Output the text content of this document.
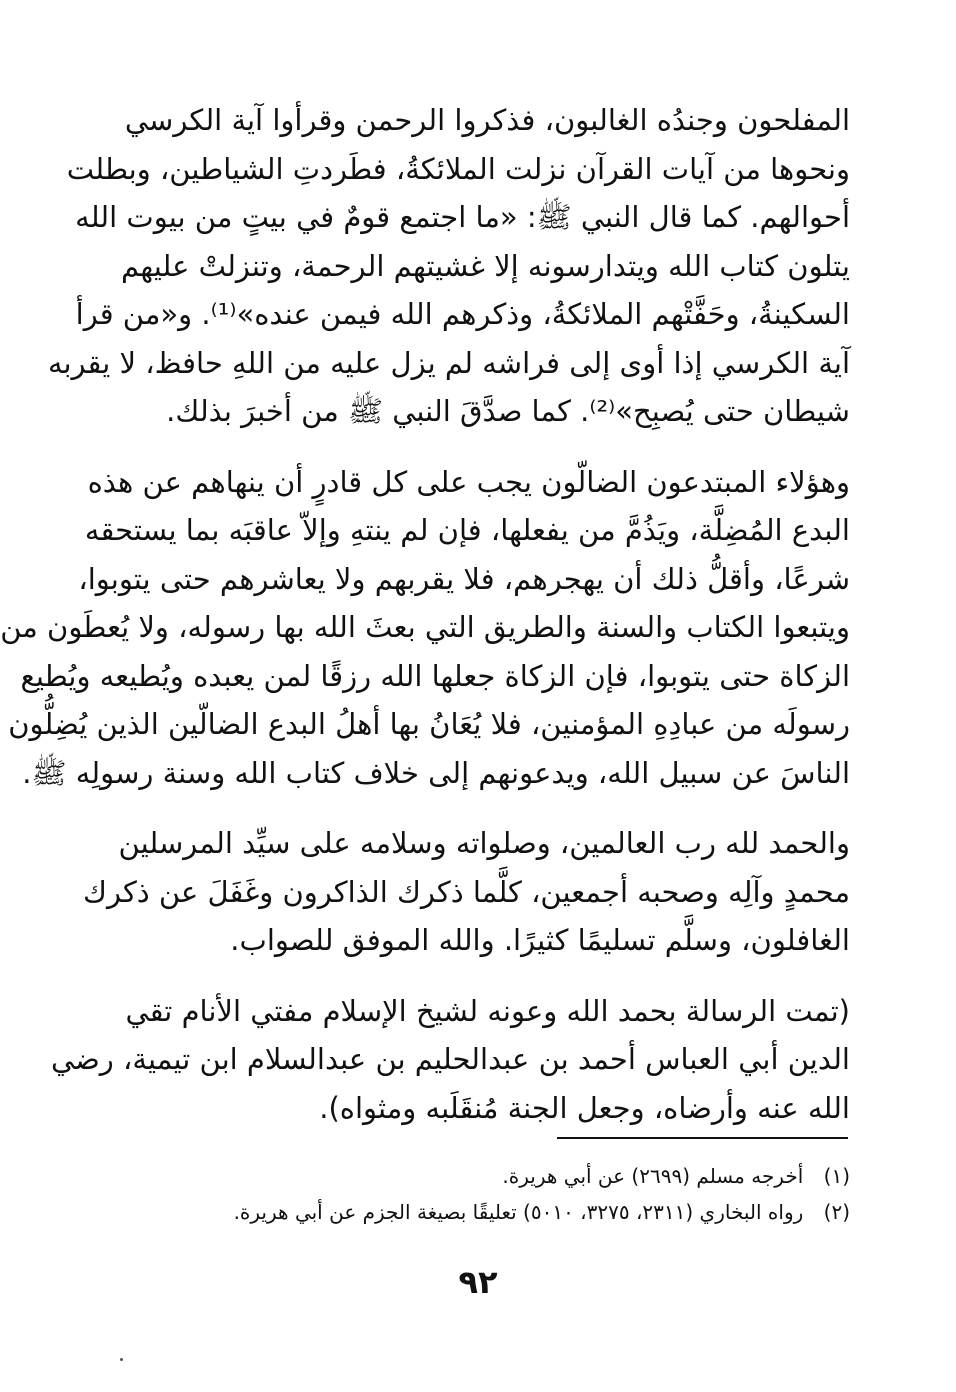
المفلحون وجندُه الغالبون، فذكروا الرحمن وقرأوا آية الكرسي
ونحوها من آيات القرآن نزلت الملائكةُ، فطَردتِ الشياطين، وبطلت
أحوالهم. كما قال النبي ﷺ: «ما اجتمع قومٌ في بيتٍ من بيوت الله
يتلون كتاب الله ويتدارسونه إلا غشيتهم الرحمة، وتنزلتْ عليهم
السكينةُ، وحَفَّتْهم الملائكةُ، وذكرهم الله فيمن عنده»⁽¹⁾. و«من قرأ
آية الكرسي إذا أوى إلى فراشه لم يزل عليه من اللهِ حافظ، لا يقربه
شيطان حتى يُصبِح»⁽²⁾. كما صدَّقَ النبي ﷺ من أخبرَ بذلك.

وهؤلاء المبتدعون الضالّون يجب على كل قادرٍ أن ينهاهم عن هذه
البدع المُضِلَّة، ويَذُمَّ من يفعلها، فإن لم ينتهِ وإلاّ عاقبَه بما يستحقه
شرعًا، وأقلُّ ذلك أن يهجرهم، فلا يقربهم ولا يعاشرهم حتى يتوبوا،
ويتبعوا الكتاب والسنة والطريق التي بعثَ الله بها رسوله، ولا يُعطَون من
الزكاة حتى يتوبوا، فإن الزكاة جعلها الله رزقًا لمن يعبده ويُطيعه ويُطيع
رسولَه من عبادِهِ المؤمنين، فلا يُعَانُ بها أهلُ البدع الضالّين الذين يُضِلُّون
الناسَ عن سبيل الله، ويدعونهم إلى خلاف كتاب الله وسنة رسولِه ﷺ.

والحمد لله رب العالمين، وصلواته وسلامه على سيِّد المرسلين
محمدٍ وآلِه وصحبه أجمعين، كلَّما ذكرك الذاكرون وغَفَلَ عن ذكرك
الغافلون، وسلَّم تسليمًا كثيرًا. والله الموفق للصواب.

(تمت الرسالة بحمد الله وعونه لشيخ الإسلام مفتي الأنام تقي
الدين أبي العباس أحمد بن عبدالحليم بن عبدالسلام ابن تيمية، رضي
الله عنه وأرضاه، وجعل الجنة مُنقَلَبه ومثواه).

(١) أخرجه مسلم (٢٦٩٩) عن أبي هريرة.
(٢) رواه البخاري (٢٣١١، ٣٢٧٥، ٥٠١٠) تعليقًا بصيغة الجزم عن أبي هريرة.
٩٢
